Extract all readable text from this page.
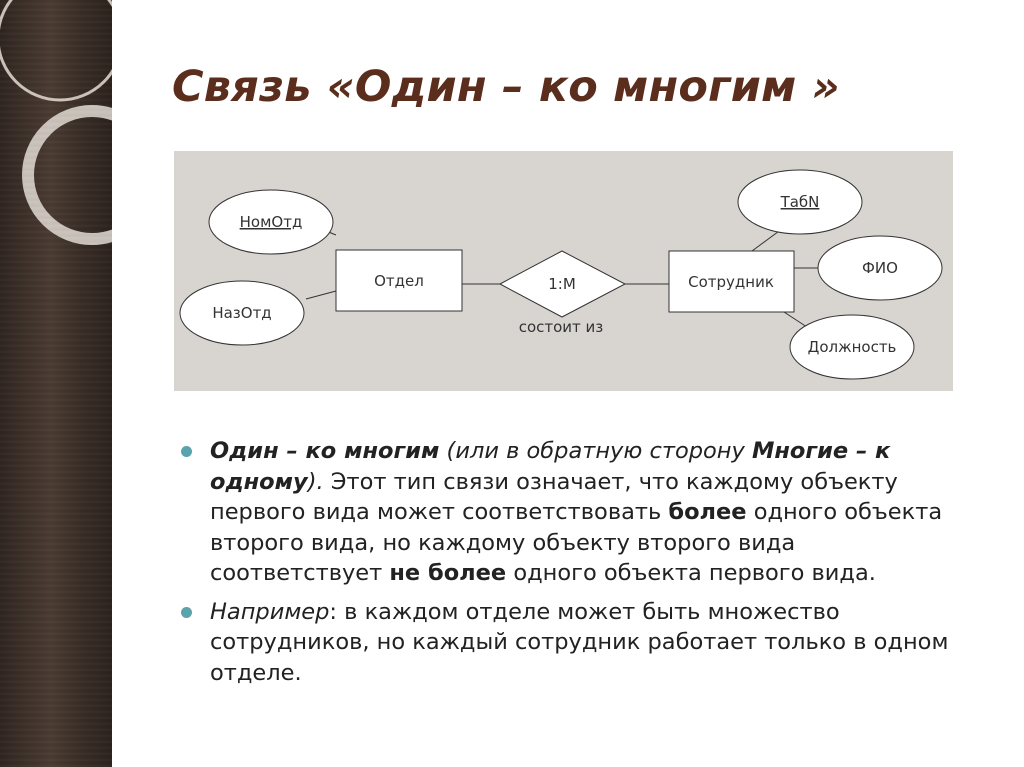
Связь «Один – ко многим »
НомОтд
НазОтд
ТабN
ФИО
Должность
Отдел	Сотрудник
1:M
состоит из

Один – ко многим (или в обратную сторону Многие – к одному). Этот тип связи означает, что каждому объекту первого вида может соответствовать более одного объекта второго вида, но каждому объекту второго вида соответствует не более одного объекта первого вида.

Например: в каждом отделе может быть множество сотрудников, но каждый сотрудник работает только в одном отделе.
